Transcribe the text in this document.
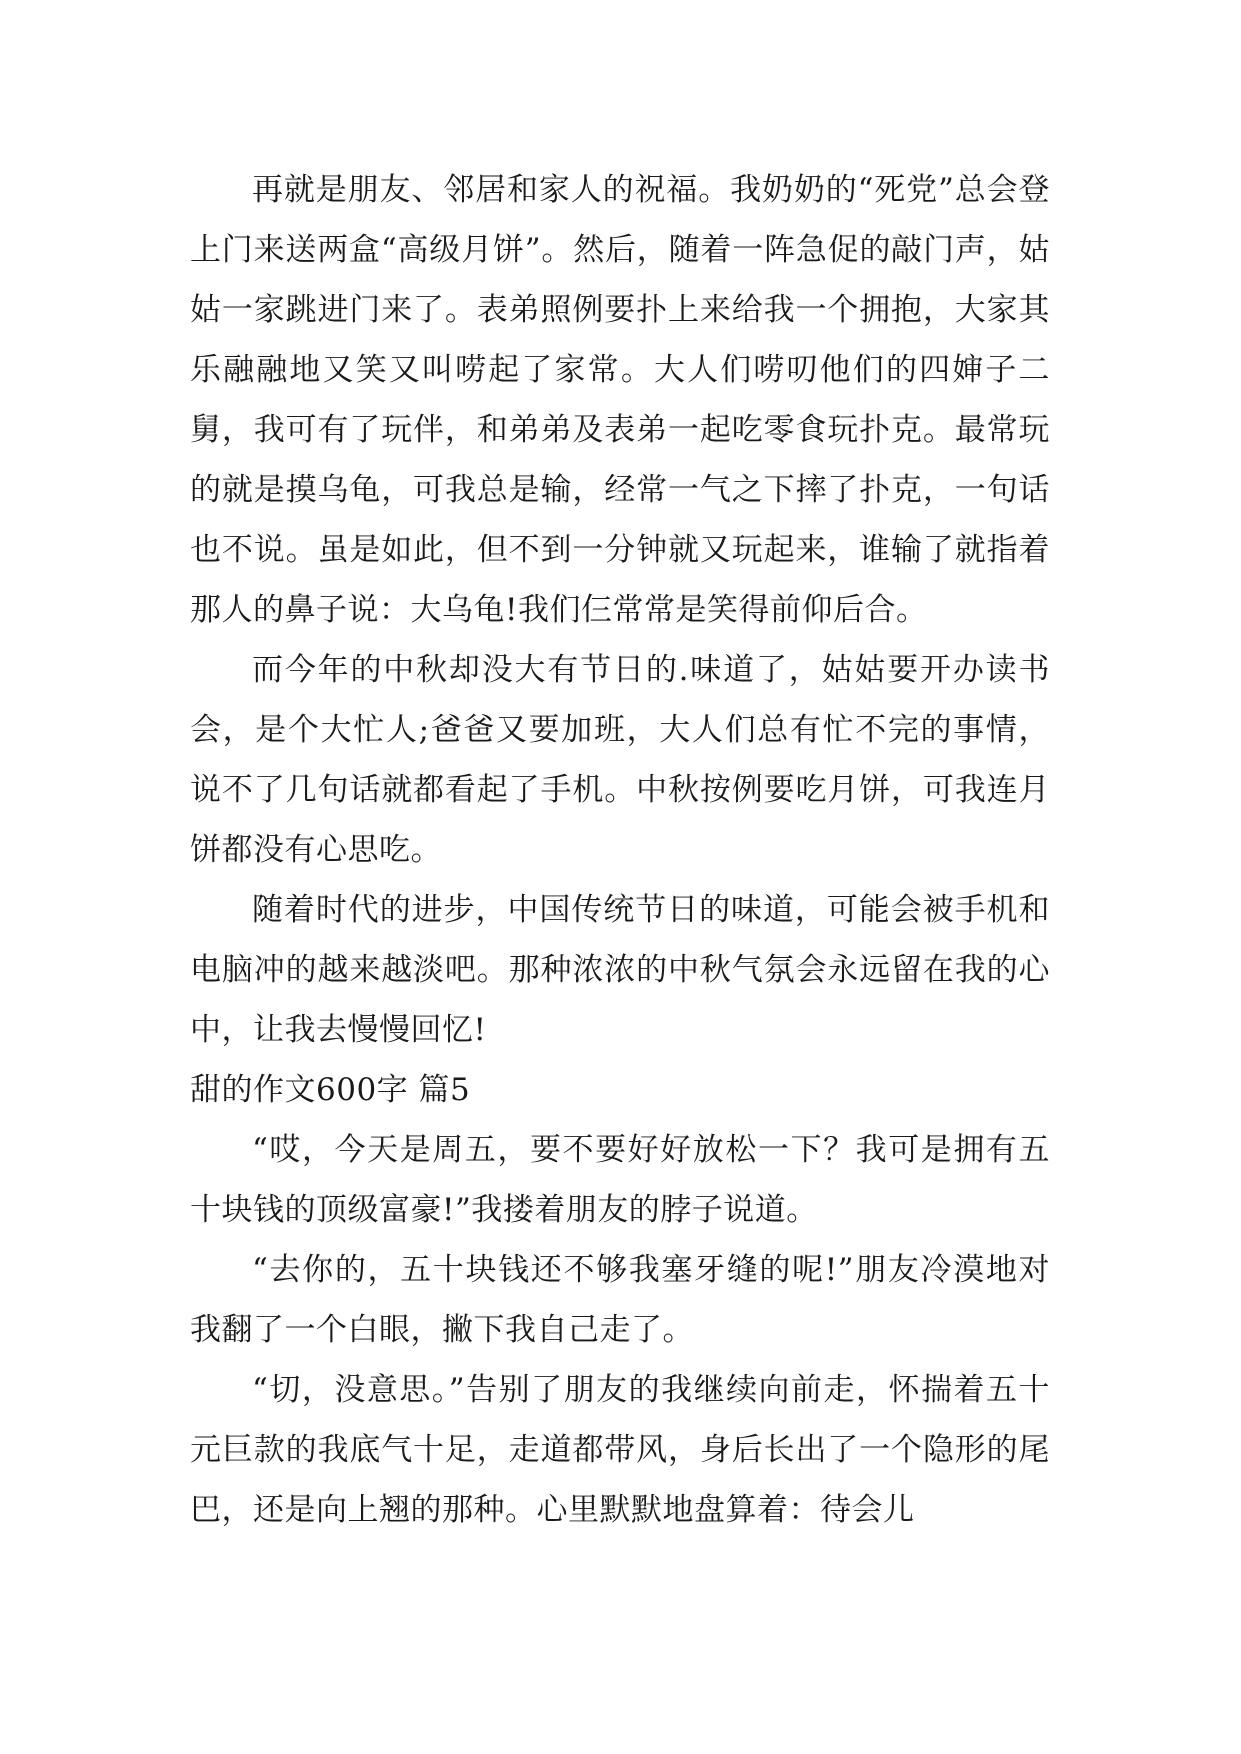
再就是朋友、邻居和家人的祝福。我奶奶的“死党”总会登上门来送两盒“高级月饼”。然后，随着一阵急促的敲门声，姑姑一家跳进门来了。表弟照例要扑上来给我一个拥抱，大家其乐融融地又笑又叫唠起了家常。大人们唠叨他们的四婶子二舅，我可有了玩伴，和弟弟及表弟一起吃零食玩扑克。最常玩的就是摸乌龟，可我总是输，经常一气之下摔了扑克，一句话也不说。虽是如此，但不到一分钟就又玩起来，谁输了就指着那人的鼻子说：大乌龟!我们仨常常是笑得前仰后合。

而今年的中秋却没大有节日的.味道了，姑姑要开办读书会，是个大忙人;爸爸又要加班，大人们总有忙不完的事情，说不了几句话就都看起了手机。中秋按例要吃月饼，可我连月饼都没有心思吃。

随着时代的进步，中国传统节日的味道，可能会被手机和电脑冲的越来越淡吧。那种浓浓的中秋气氛会永远留在我的心中，让我去慢慢回忆!

甜的作文600字 篇5

“哎，今天是周五，要不要好好放松一下？我可是拥有五十块钱的顶级富豪!”我搂着朋友的脖子说道。

“去你的，五十块钱还不够我塞牙缝的呢!”朋友冷漠地对我翻了一个白眼，撇下我自己走了。

“切，没意思。”告别了朋友的我继续向前走，怀揣着五十元巨款的我底气十足，走道都带风，身后长出了一个隐形的尾巴，还是向上翘的那种。心里默默地盘算着：待会儿
